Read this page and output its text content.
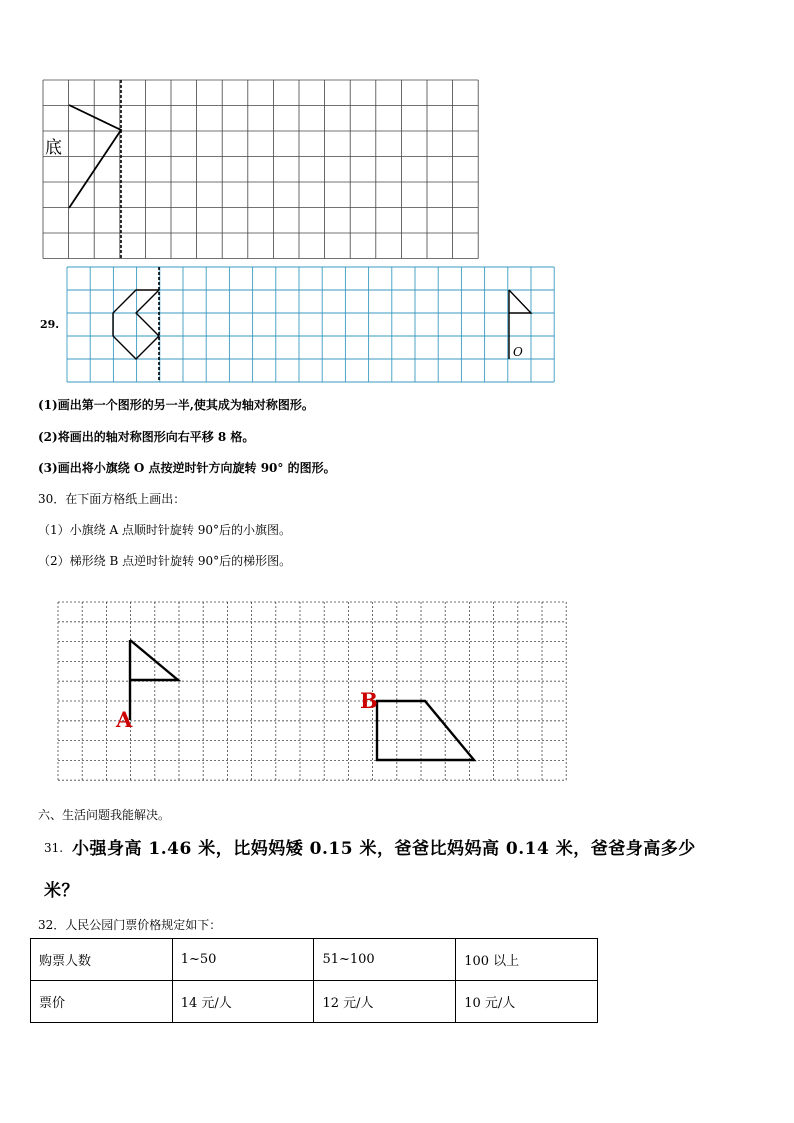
底
29.
O
(1)画出第一个图形的另一半,使其成为轴对称图形。
(2)将画出的轴对称图形向右平移 8 格。
(3)画出将小旗绕 O 点按逆时针方向旋转 90° 的图形。
30．在下面方格纸上画出：
（1）小旗绕 A 点顺时针旋转 90°后的小旗图。
（2）梯形绕 B 点逆时针旋转 90°后的梯形图。
A
B
六、生活问题我能解决。
31. 小强身高 1.46 米，比妈妈矮 0.15 米，爸爸比妈妈高 0.14 米，爸爸身高多少
米？
32．人民公园门票价格规定如下：
购票人数	1~50	51~100	100 以上
票价	14 元/人	12 元/人	10 元/人
